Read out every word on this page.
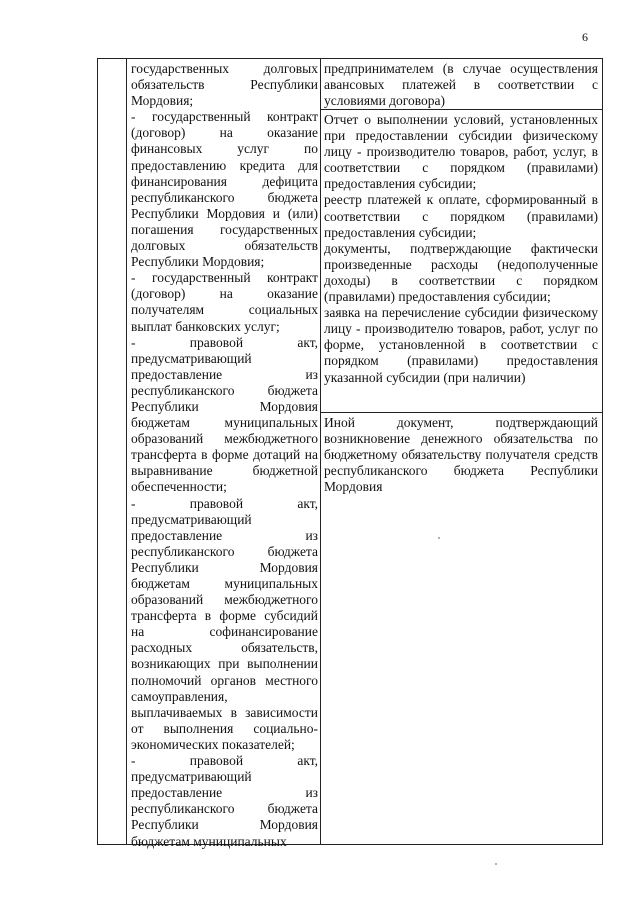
6

государственных долговых обязательств Республики Мордовия;

- государственный контракт (договор) на оказание финансовых услуг по предоставлению кредита для финансирования дефицита республиканского бюджета Республики Мордовия и (или) погашения государственных долговых обязательств Республики Мордовия;

- государственный контракт (договор) на оказание получателям социальных выплат банковских услуг;

- правовой акт, предусматривающий предоставление из республиканского бюджета Республики Мордовия бюджетам муниципальных образований межбюджетного трансферта в форме дотаций на выравнивание бюджетной обеспеченности;

- правовой акт, предусматривающий предоставление из республиканского бюджета Республики Мордовия бюджетам муниципальных образований межбюджетного трансферта в форме субсидий на софинансирование расходных обязательств, возникающих при выполнении полномочий органов местного самоуправления, выплачиваемых в зависимости от выполнения социально-экономических показателей;

- правовой акт, предусматривающий предоставление из республиканского бюджета Республики Мордовия бюджетам муниципальных

предпринимателем (в случае осуществления авансовых платежей в соответствии с условиями договора)

Отчет о выполнении условий, установленных при предоставлении субсидии физическому лицу - производителю товаров, работ, услуг, в соответствии с порядком (правилами) предоставления субсидии;

реестр платежей к оплате, сформированный в соответствии с порядком (правилами) предоставления субсидии;

документы, подтверждающие фактически произведенные расходы (недополученные доходы) в соответствии с порядком (правилами) предоставления субсидии;

заявка на перечисление субсидии физическому лицу - производителю товаров, работ, услуг по форме, установленной в соответствии с порядком (правилами) предоставления указанной субсидии (при наличии)

Иной документ, подтверждающий возникновение денежного обязательства по бюджетному обязательству получателя средств республиканского бюджета Республики Мордовия
